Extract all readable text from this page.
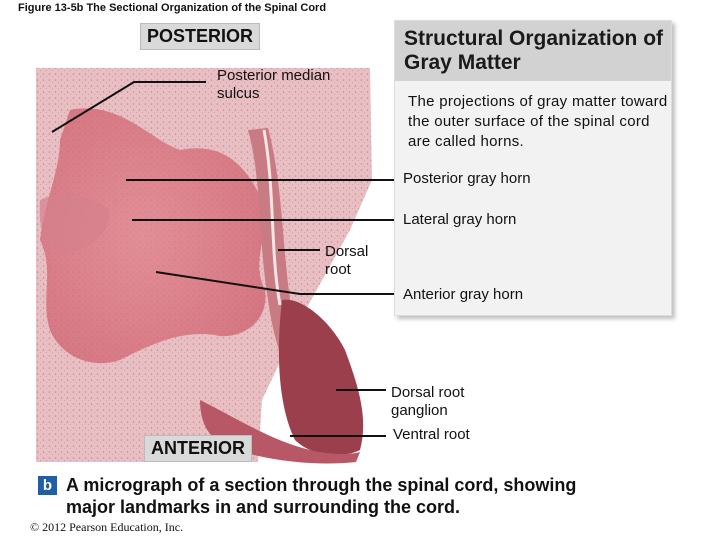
Figure 13-5b The Sectional Organization of the Spinal Cord
POSTERIOR
ANTERIOR
Structural Organization of Gray Matter
The projections of gray matter toward the outer surface of the spinal cord are called horns.
Posterior median sulcus
Posterior gray horn
Lateral gray horn
Dorsal root
Anterior gray horn
Dorsal root ganglion
Ventral root
b A micrograph of a section through the spinal cord, showing major landmarks in and surrounding the cord.
© 2012 Pearson Education, Inc.
